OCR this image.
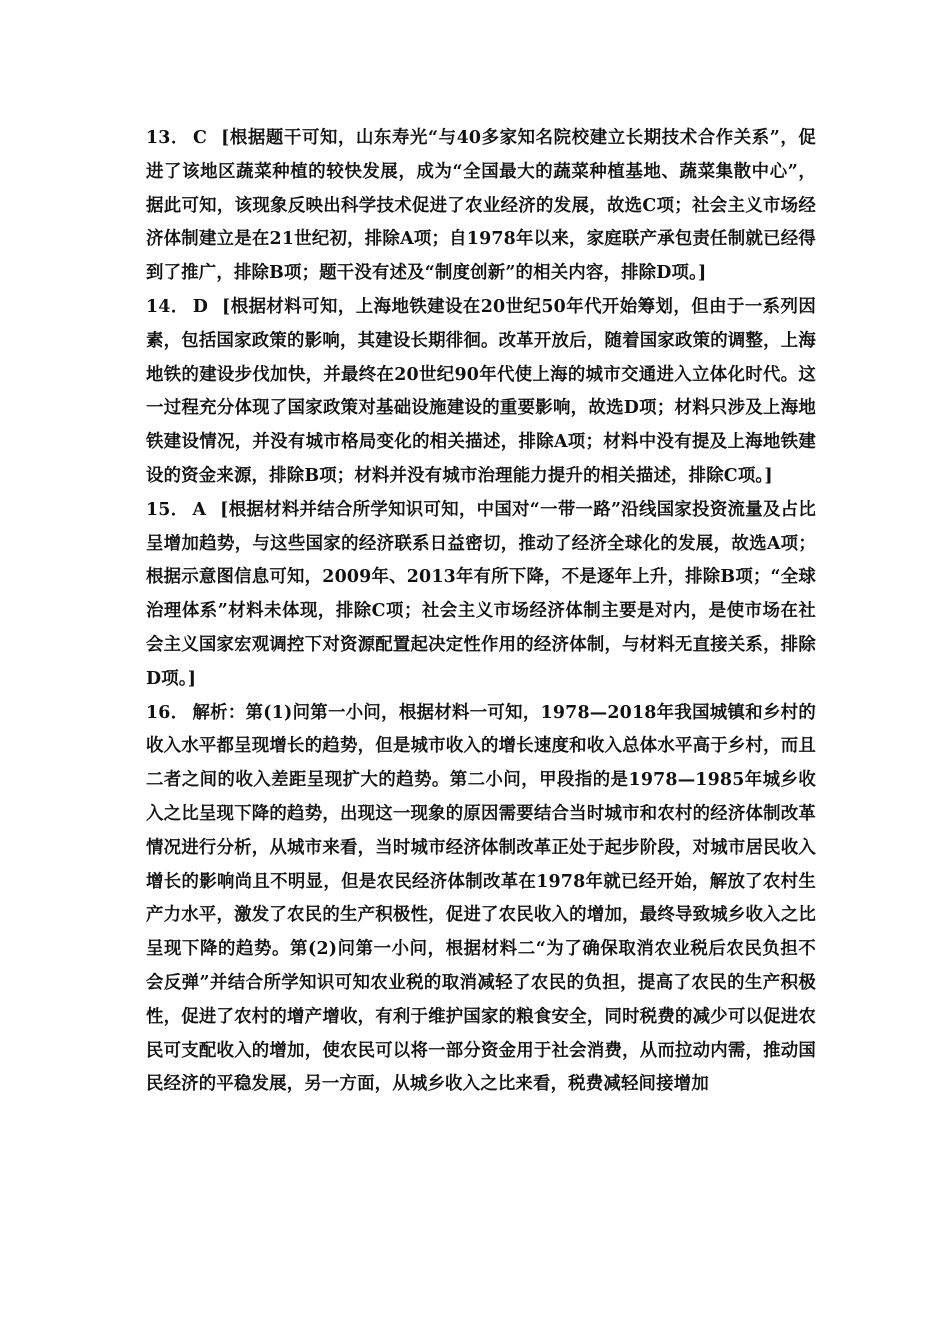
13． C [根据题干可知，山东寿光“与40多家知名院校建立长期技术合作关系”，促进了该地区蔬菜种植的较快发展，成为“全国最大的蔬菜种植基地、蔬菜集散中心”，据此可知，该现象反映出科学技术促进了农业经济的发展，故选C项；社会主义市场经济体制建立是在21世纪初，排除A项；自1978年以来，家庭联产承包责任制就已经得到了推广，排除B项；题干没有述及“制度创新”的相关内容，排除D项。]

14． D [根据材料可知，上海地铁建设在20世纪50年代开始筹划，但由于一系列因素，包括国家政策的影响，其建设长期徘徊。改革开放后，随着国家政策的调整，上海地铁的建设步伐加快，并最终在20世纪90年代使上海的城市交通进入立体化时代。这一过程充分体现了国家政策对基础设施建设的重要影响，故选D项；材料只涉及上海地铁建设情况，并没有城市格局变化的相关描述，排除A项；材料中没有提及上海地铁建设的资金来源，排除B项；材料并没有城市治理能力提升的相关描述，排除C项。]

15． A [根据材料并结合所学知识可知，中国对“一带一路”沿线国家投资流量及占比呈增加趋势，与这些国家的经济联系日益密切，推动了经济全球化的发展，故选A项；根据示意图信息可知，2009年、2013年有所下降，不是逐年上升，排除B项；“全球治理体系”材料未体现，排除C项；社会主义市场经济体制主要是对内，是使市场在社会主义国家宏观调控下对资源配置起决定性作用的经济体制，与材料无直接关系，排除D项。]

16． 解析：第(1)问第一小问，根据材料一可知，1978—2018年我国城镇和乡村的收入水平都呈现增长的趋势，但是城市收入的增长速度和收入总体水平高于乡村，而且二者之间的收入差距呈现扩大的趋势。第二小问，甲段指的是1978—1985年城乡收入之比呈现下降的趋势，出现这一现象的原因需要结合当时城市和农村的经济体制改革情况进行分析，从城市来看，当时城市经济体制改革正处于起步阶段，对城市居民收入增长的影响尚且不明显，但是农民经济体制改革在1978年就已经开始，解放了农村生产力水平，激发了农民的生产积极性，促进了农民收入的增加，最终导致城乡收入之比呈现下降的趋势。第(2)问第一小问，根据材料二“为了确保取消农业税后农民负担不会反弹”并结合所学知识可知农业税的取消减轻了农民的负担，提高了农民的生产积极性，促进了农村的增产增收，有利于维护国家的粮食安全，同时税费的减少可以促进农民可支配收入的增加，使农民可以将一部分资金用于社会消费，从而拉动内需，推动国民经济的平稳发展，另一方面，从城乡收入之比来看，税费减轻间接增加
